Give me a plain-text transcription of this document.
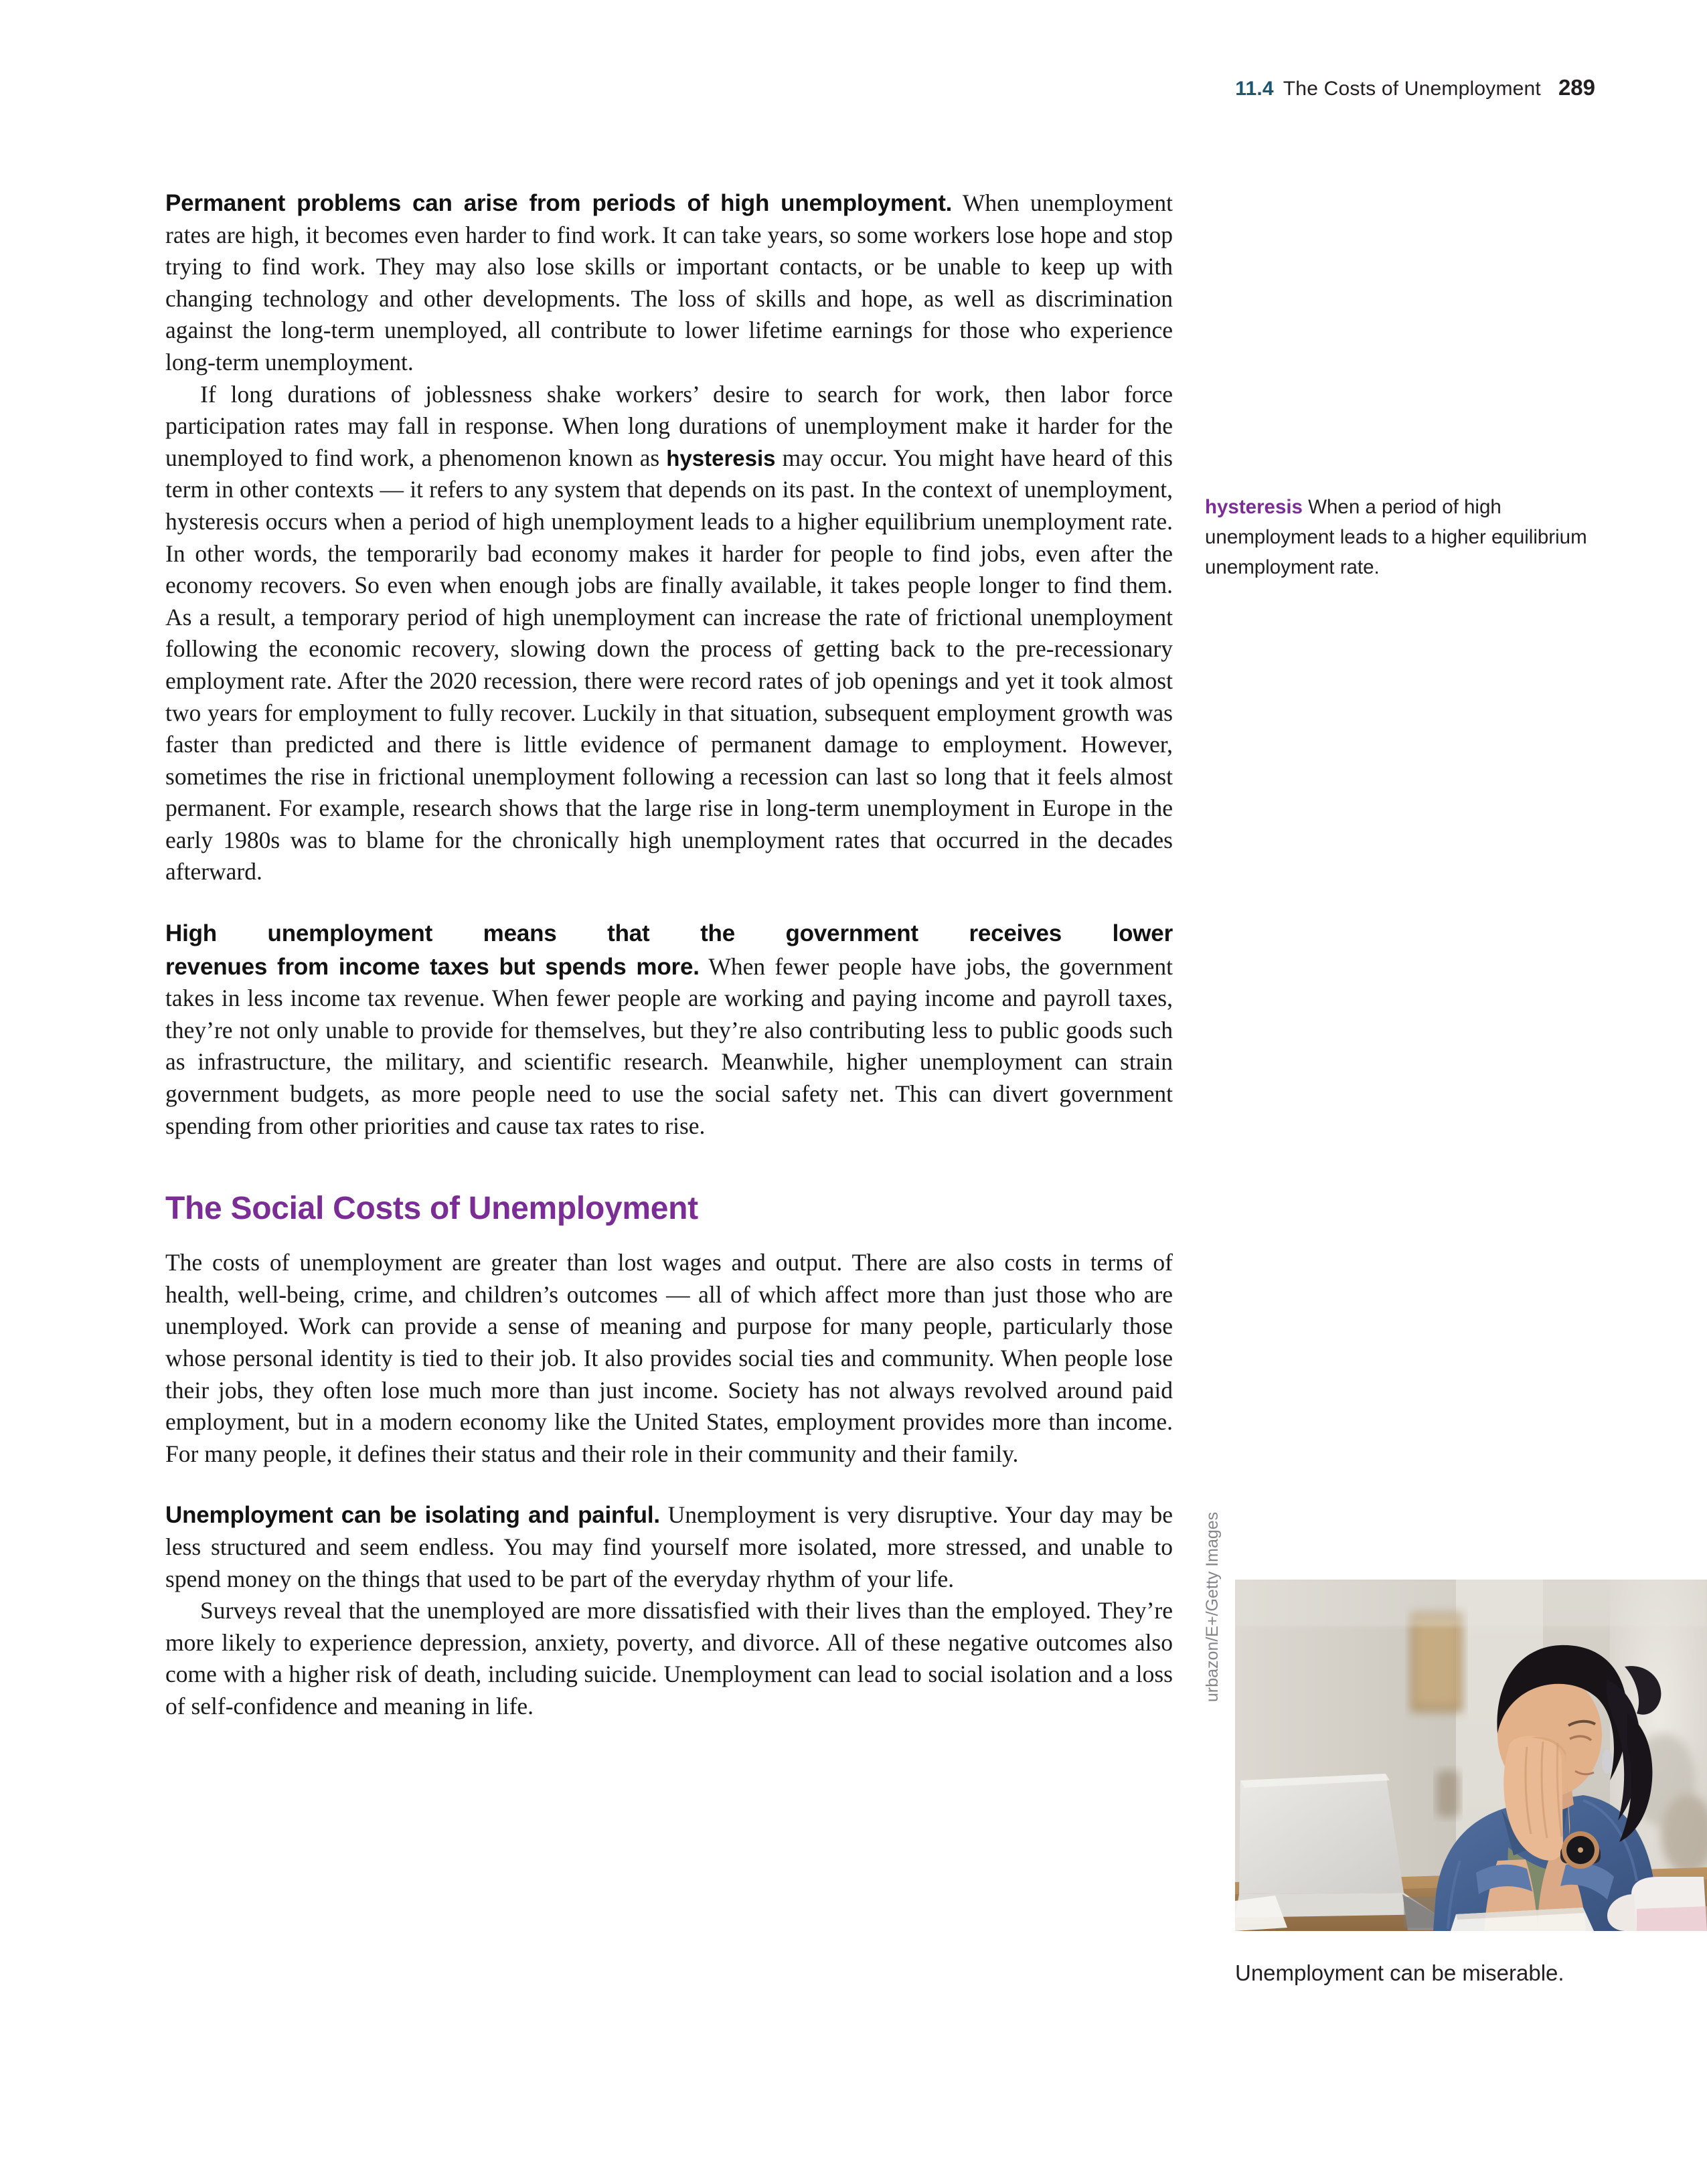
11.4 The Costs of Unemployment 289

Permanent problems can arise from periods of high unemployment. When unemployment rates are high, it becomes even harder to find work. It can take years, so some workers lose hope and stop trying to find work. They may also lose skills or important contacts, or be unable to keep up with changing technology and other developments. The loss of skills and hope, as well as discrimination against the long-term unemployed, all contribute to lower lifetime earnings for those who experience long-term unemployment.

If long durations of joblessness shake workers’ desire to search for work, then labor force participation rates may fall in response. When long durations of unemployment make it harder for the unemployed to find work, a phenomenon known as hysteresis may occur. You might have heard of this term in other contexts — it refers to any system that depends on its past. In the context of unemployment, hysteresis occurs when a period of high unemployment leads to a higher equilibrium unemployment rate. In other words, the temporarily bad economy makes it harder for people to find jobs, even after the economy recovers. So even when enough jobs are finally available, it takes people longer to find them. As a result, a temporary period of high unemployment can increase the rate of frictional unemployment following the economic recovery, slowing down the process of getting back to the pre-recessionary employment rate. After the 2020 recession, there were record rates of job openings and yet it took almost two years for employment to fully recover. Luckily in that situation, subsequent employment growth was faster than predicted and there is little evidence of permanent damage to employment. However, sometimes the rise in frictional unemployment following a recession can last so long that it feels almost permanent. For example, research shows that the large rise in long-term unemployment in Europe in the early 1980s was to blame for the chronically high unemployment rates that occurred in the decades afterward.

High unemployment means that the government receives lower
revenues from income taxes but spends more. When fewer people have jobs, the government takes in less income tax revenue. When fewer people are working and paying income and payroll taxes, they’re not only unable to provide for themselves, but they’re also contributing less to public goods such as infrastructure, the military, and scientific research. Meanwhile, higher unemployment can strain government budgets, as more people need to use the social safety net. This can divert government spending from other priorities and cause tax rates to rise.

The Social Costs of Unemployment

The costs of unemployment are greater than lost wages and output. There are also costs in terms of health, well-being, crime, and children’s outcomes — all of which affect more than just those who are unemployed. Work can provide a sense of meaning and purpose for many people, particularly those whose personal identity is tied to their job. It also provides social ties and community. When people lose their jobs, they often lose much more than just income. Society has not always revolved around paid employment, but in a modern economy like the United States, employment provides more than income. For many people, it defines their status and their role in their community and their family.

Unemployment can be isolating and painful. Unemployment is very disruptive. Your day may be less structured and seem endless. You may find yourself more isolated, more stressed, and unable to spend money on the things that used to be part of the everyday rhythm of your life.

Surveys reveal that the unemployed are more dissatisfied with their lives than the employed. They’re more likely to experience depression, anxiety, poverty, and divorce. All of these negative outcomes also come with a higher risk of death, including suicide. Unemployment can lead to social isolation and a loss of self-confidence and meaning in life.

hysteresis When a period of high unemployment leads to a higher equilibrium unemployment rate.

urbazon/E+/Getty Images
Unemployment can be miserable.
